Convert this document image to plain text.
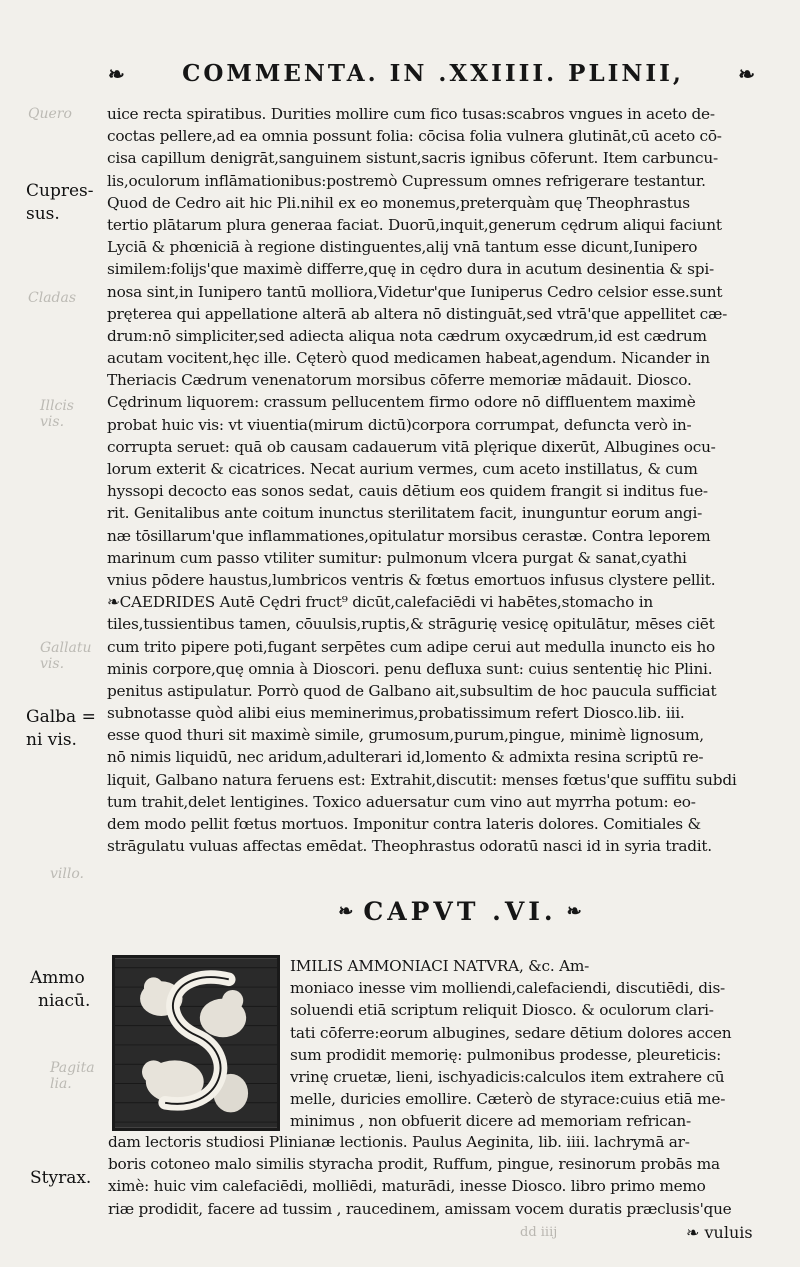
Quero
Cladas
Illcis vis.
Gallatu vis.
villo.
Pagita lia.
❧ COMMENTA. IN .XXIIII. PLINII,	❧
Cupres-
sus.
Galba =
ni vis.
Ammo
niacū.
Styrax.
uice recta spiratibus. Durities mollire cum fico tusas:scabros vngues in aceto de-
coctas pellere,ad ea omnia possunt folia: cōcisa folia vulnera glutināt,cū aceto cō-
cisa capillum denigrāt,sanguinem sistunt,sacris ignibus cōferunt. Item carbuncu-
lis,oculorum inflāmationibus:postremò Cupressum omnes refrigerare testantur.
Quod de Cedro ait hic Pli.nihil ex eo monemus,preterquàm quę Theophrastus
tertio plātarum plura generaa faciat. Duorū,inquit,generum cędrum aliqui faciunt
Lyciā & phœniciā à regione distinguentes,alij vnā tantum esse dicunt,Iunipero
similem:folijs'que maximè differre,quę in cędro dura in acutum desinentia & spi-
nosa sint,in Iunipero tantū molliora,Videtur'que Iuniperus Cedro celsior esse.sunt
pręterea qui appellatione alterā ab altera nō distinguāt,sed vtrā'que appellitet cæ-
drum:nō simpliciter,sed adiecta aliqua nota cædrum oxycædrum,id est cædrum
acutam vocitent,hęc ille. Cęterò quod medicamen habeat,agendum. Nicander in
Theriacis Cædrum venenatorum morsibus cōferre memoriæ mādauit. Diosco.
Cędrinum liquorem: crassum pellucentem firmo odore nō diffluentem maximè
probat huic vis: vt viuentia(mirum dictū)corpora corrumpat, defuncta verò in-
corrupta seruet: quā ob causam cadauerum vitā plęrique dixerūt, Albugines ocu-
lorum exterit & cicatrices. Necat aurium vermes, cum aceto instillatus, & cum
hyssopi decocto eas sonos sedat, cauis dētium eos quidem frangit si inditus fue-
rit. Genitalibus ante coitum inunctus sterilitatem facit, inunguntur eorum angi-
næ tōsillarum'que inflammationes,opitulatur morsibus cerastæ. Contra leporem
marinum cum passo vtiliter sumitur: pulmonum vlcera purgat & sanat,cyathi
vnius pōdere haustus,lumbricos ventris & fœtus emortuos infusus clystere pellit.
❧CAEDRIDES Autē Cędri fruct⁹ dicūt,calefaciēdi vi habētes,stomacho in
tiles,tussientibus tamen, cōuulsis,ruptis,& strāgurię vesicę opitulātur, mēses ciēt
cum trito pipere poti,fugant serpētes cum adipe cerui aut medulla inuncto eis ho
minis corpore,quę omnia à Dioscori. penu defluxa sunt: cuius sententię hic Plini.
penitus astipulatur. Porrò quod de Galbano ait,subsultim de hoc paucula sufficiat
subnotasse quòd alibi eius meminerimus,probatissimum refert Diosco.lib. iii.
esse quod thuri sit maximè simile, grumosum,purum,pingue, minimè lignosum,
nō nimis liquidū, nec aridum,adulterari id,lomento & admixta resina scriptū re-
liquit, Galbano natura feruens est: Extrahit,discutit: menses fœtus'que suffitu subdi
tum trahit,delet lentigines. Toxico aduersatur cum vino aut myrrha potum: eo-
dem modo pellit fœtus mortuos. Imponitur contra lateris dolores. Comitiales &
strāgulatu vuluas affectas emēdat. Theophrastus odoratū nasci id in syria tradit.
❧ CAPVT .VI. ❧
IMILIS AMMONIACI NATVRA, &c. Am-
moniaco inesse vim molliendi,calefaciendi, discutiēdi, dis-
soluendi etiā scriptum reliquit Diosco. & oculorum clari-
tati cōferre:eorum albugines, sedare dētium dolores accen
sum prodidit memorię: pulmonibus prodesse, pleureticis:
vrinę cruetæ, lieni, ischyadicis:calculos item extrahere cū
melle, duricies emollire. Cæterò de styrace:cuius etiā me-
minimus , non obfuerit dicere ad memoriam refrican-
dam lectoris studiosi Plinianæ lectionis. Paulus Aeginita, lib. iiii. lachrymā ar-
boris cotoneo malo similis styracha prodit, Ruffum, pingue, resinorum probās ma
ximè: huic vim calefaciēdi, molliēdi, maturādi, inesse Diosco. libro primo memo
riæ prodidit, facere ad tussim , raucedinem, amissam vocem duratis præclusis'que
dd iiij	❧ vuluis
